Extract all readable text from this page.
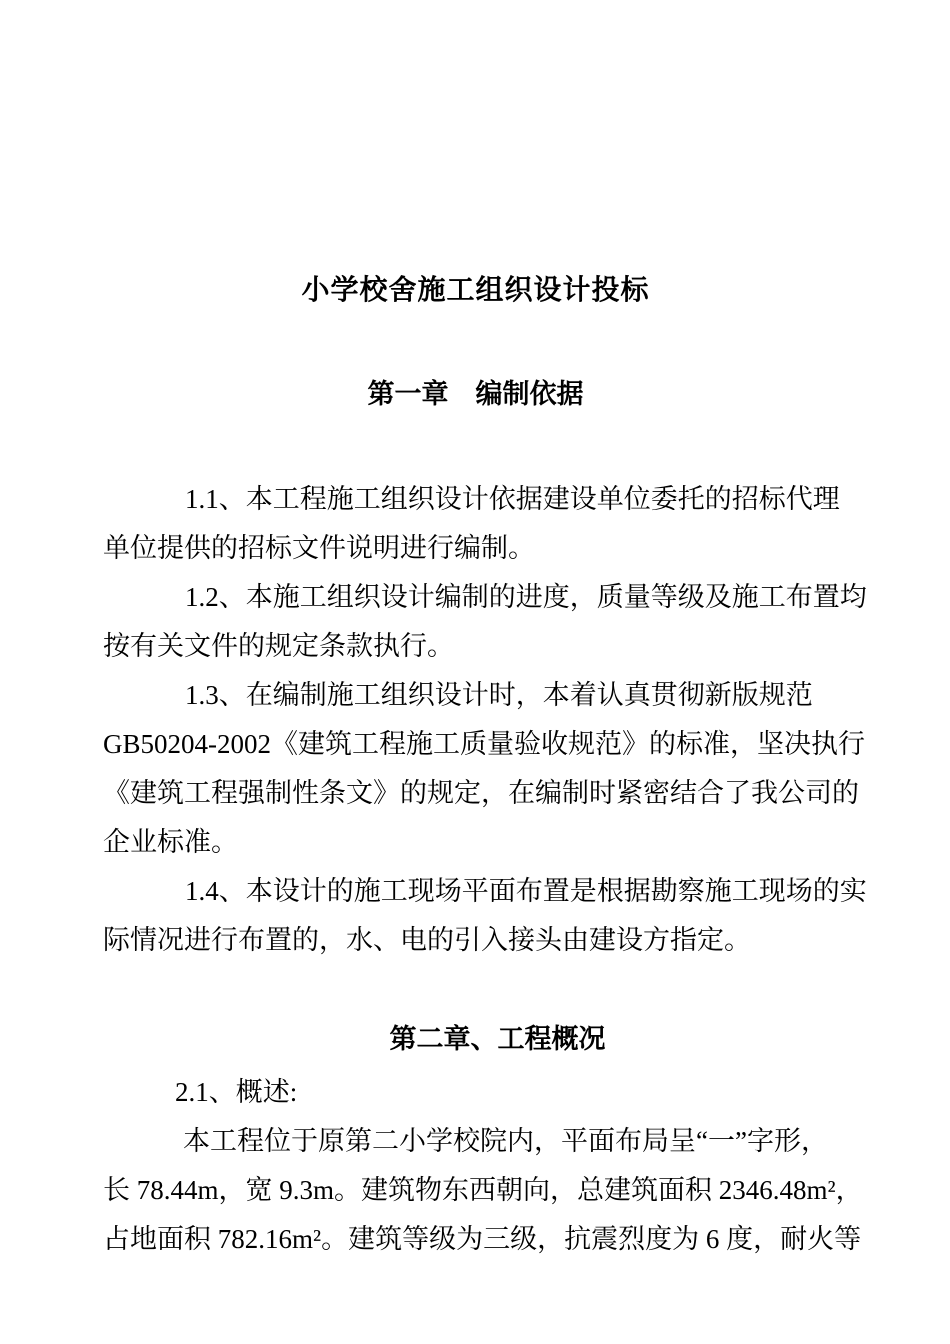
小学校舍施工组织设计投标
第一章　编制依据
1.1、本工程施工组织设计依据建设单位委托的招标代理
单位提供的招标文件说明进行编制。
1.2、本施工组织设计编制的进度，质量等级及施工布置均
按有关文件的规定条款执行。
1.3、在编制施工组织设计时，本着认真贯彻新版规范
GB50204-2002《建筑工程施工质量验收规范》的标准，坚决执行
《建筑工程强制性条文》的规定，在编制时紧密结合了我公司的
企业标准。
1.4、本设计的施工现场平面布置是根据勘察施工现场的实
际情况进行布置的，水、电的引入接头由建设方指定。
第二章、工程概况
2.1、概述:
本工程位于原第二小学校院内，平面布局呈“一”字形，
长 78.44m，宽 9.3m。建筑物东西朝向，总建筑面积 2346.48m²，
占地面积 782.16m²。建筑等级为三级，抗震烈度为 6 度，耐火等
